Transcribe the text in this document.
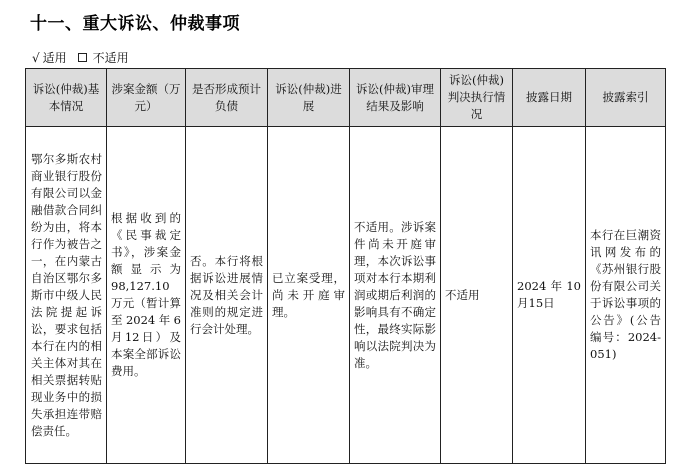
十一、重大诉讼、仲裁事项
√ 适用 不适用
诉讼(仲裁)基本情况	涉案金额（万元）	是否形成预计负债	诉讼(仲裁)进展	诉讼(仲裁)审理结果及影响	诉讼(仲裁)判决执行情况	披露日期	披露索引
鄂尔多斯农村商业银行股份有限公司以金融借款合同纠纷为由，将本行作为被告之一，在内蒙古自治区鄂尔多斯市中级人民法院提起诉讼，要求包括本行在内的相关主体对其在相关票据转贴现业务中的损失承担连带赔偿责任。	根据收到的《民事裁定书》，涉案金额显示为98,127.10万元（暂计算至2024年6月12日）及本案全部诉讼费用。	否。本行将根据诉讼进展情况及相关会计准则的规定进行会计处理。	已立案受理，尚未开庭审理。	不适用。涉诉案件尚未开庭审理，本次诉讼事项对本行本期利润或期后利润的影响具有不确定性，最终实际影响以法院判决为准。	不适用	2024年10月15日	本行在巨潮资讯网发布的《苏州银行股份有限公司关于诉讼事项的公告》(公告编号：2024-051)
